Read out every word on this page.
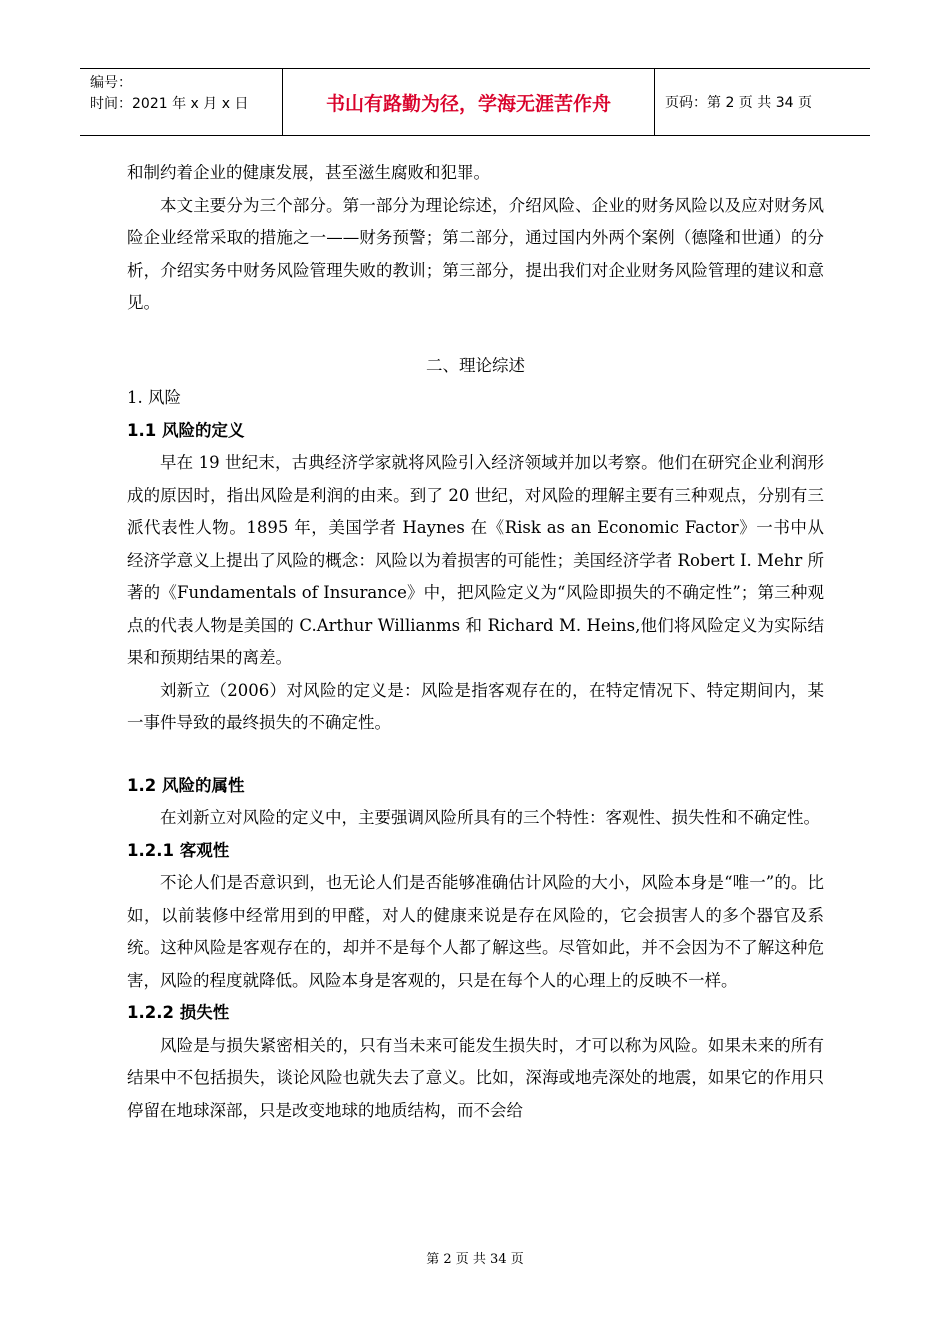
编号：
时间：2021 年 x 月 x 日	书山有路勤为径，学海无涯苦作舟	页码：第 2 页 共 34 页

和制约着企业的健康发展，甚至滋生腐败和犯罪。

本文主要分为三个部分。第一部分为理论综述，介绍风险、企业的财务风险以及应对财务风险企业经常采取的措施之一——财务预警；第二部分，通过国内外两个案例（德隆和世通）的分析，介绍实务中财务风险管理失败的教训；第三部分，提出我们对企业财务风险管理的建议和意见。

二、理论综述

1. 风险

1.1 风险的定义

早在 19 世纪末，古典经济学家就将风险引入经济领域并加以考察。他们在研究企业利润形成的原因时，指出风险是利润的由来。到了 20 世纪，对风险的理解主要有三种观点，分别有三派代表性人物。1895 年，美国学者 Haynes 在《Risk as an Economic Factor》一书中从经济学意义上提出了风险的概念：风险以为着损害的可能性；美国经济学者 Robert I. Mehr 所著的《Fundamentals of Insurance》中，把风险定义为“风险即损失的不确定性”；第三种观点的代表人物是美国的 C.Arthur Willianms 和 Richard M. Heins,他们将风险定义为实际结果和预期结果的离差。

刘新立（2006）对风险的定义是：风险是指客观存在的，在特定情况下、特定期间内，某一事件导致的最终损失的不确定性。

1.2 风险的属性

在刘新立对风险的定义中，主要强调风险所具有的三个特性：客观性、损失性和不确定性。

1.2.1 客观性

不论人们是否意识到，也无论人们是否能够准确估计风险的大小，风险本身是“唯一”的。比如，以前装修中经常用到的甲醛，对人的健康来说是存在风险的，它会损害人的多个器官及系统。这种风险是客观存在的，却并不是每个人都了解这些。尽管如此，并不会因为不了解这种危害，风险的程度就降低。风险本身是客观的，只是在每个人的心理上的反映不一样。

1.2.2 损失性

风险是与损失紧密相关的，只有当未来可能发生损失时，才可以称为风险。如果未来的所有结果中不包括损失，谈论风险也就失去了意义。比如，深海或地壳深处的地震，如果它的作用只停留在地球深部，只是改变地球的地质结构，而不会给

第 2 页 共 34 页
